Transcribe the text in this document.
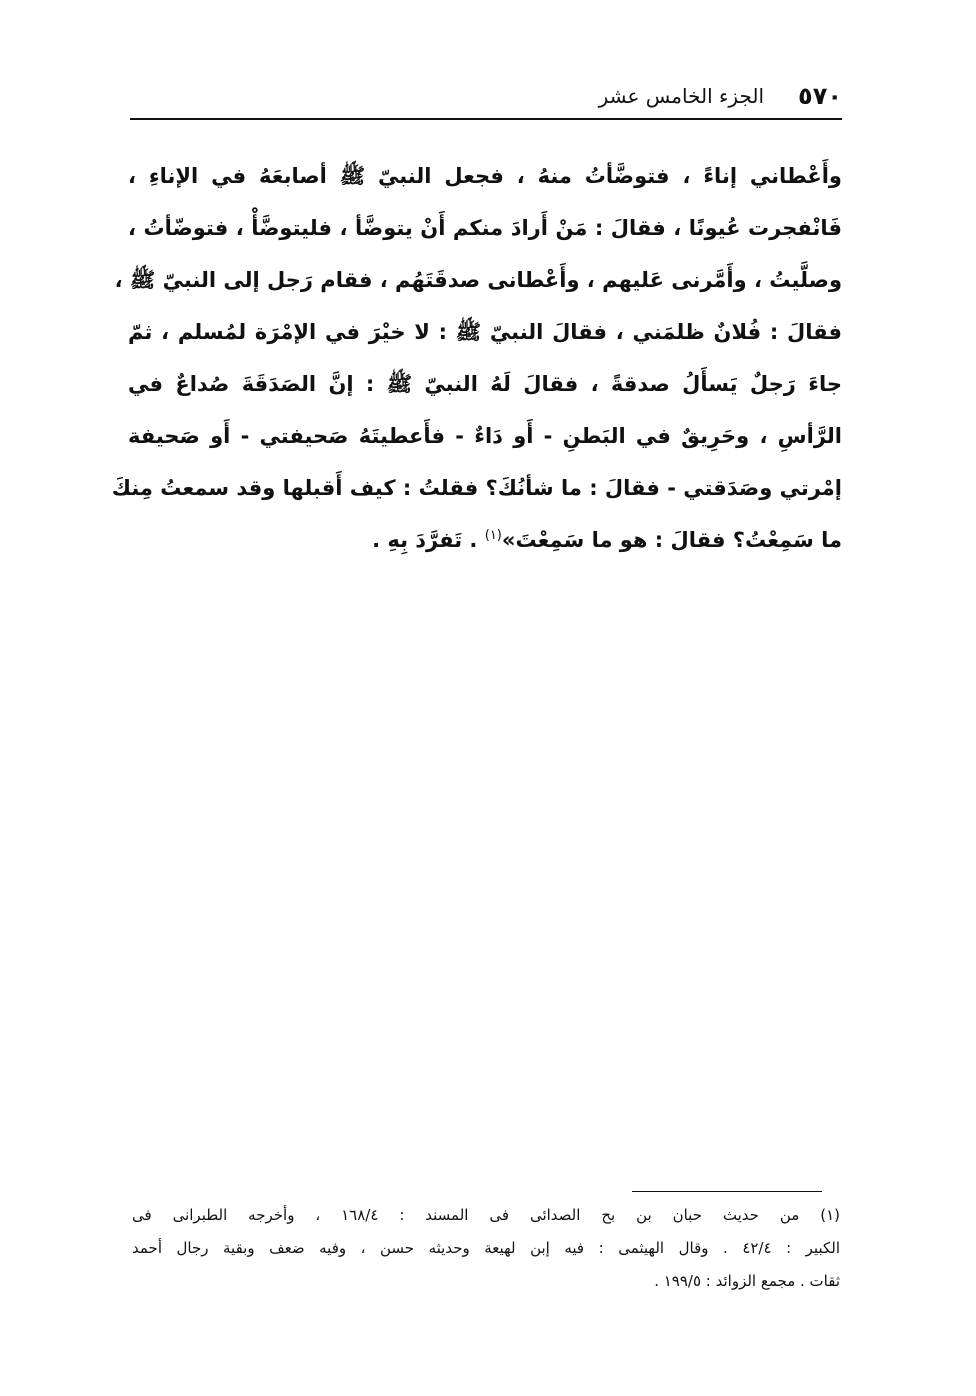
٥٧٠
الجزء الخامس عشر
وأَعْطاني إناءً ، فتوضَّأتُ منهُ ، فجعل النبيّ ﷺ أصابعَهُ في الإناءِ ،
فَانْفجرت عُيونًا ، فقالَ : مَنْ أَرادَ منكم أَنْ يتوضَّأ ، فليتوضَّأْ ، فتوضّأتُ ،
وصلَّيتُ ، وأَمَّرنى عَليهم ، وأَعْطانى صدقَتَهُم ، فقام رَجل إلى النبيّ ﷺ ،
فقالَ : فُلانٌ ظلمَني ، فقالَ النبيّ ﷺ : لا خيْرَ في الإمْرَة لمُسلم ، ثمّ
جاءَ رَجلٌ يَسأَلُ صدقةً ، فقالَ لَهُ النبيّ ﷺ : إنَّ الصَدَقَةَ صُداعٌ في
الرَّأسِ ، وحَرِيقٌ في البَطنِ - أَو دَاءٌ - فأَعطيتَهُ صَحيفتي - أَو صَحيفة
إمْرتي وصَدَقتي - فقالَ : ما شأنُكَ؟ فقلتُ : كيف أَقبلها وقد سمعتُ مِنكَ
ما سَمِعْتُ؟ فقالَ : هو ما سَمِعْتَ»$^{(١)}$ . تَفرَّدَ بِهِ .
(١) من حديث حبان بن بح الصدائى فى المسند : ١٦٨/٤ ، وأخرجه الطبرانى فى
الكبير : ٤٢/٤ . وقال الهيثمى : فيه إبن لهيعة وحديثه حسن ، وفيه ضعف وبقية رجال أحمد
ثقات . مجمع الزوائد : ١٩٩/٥ .
